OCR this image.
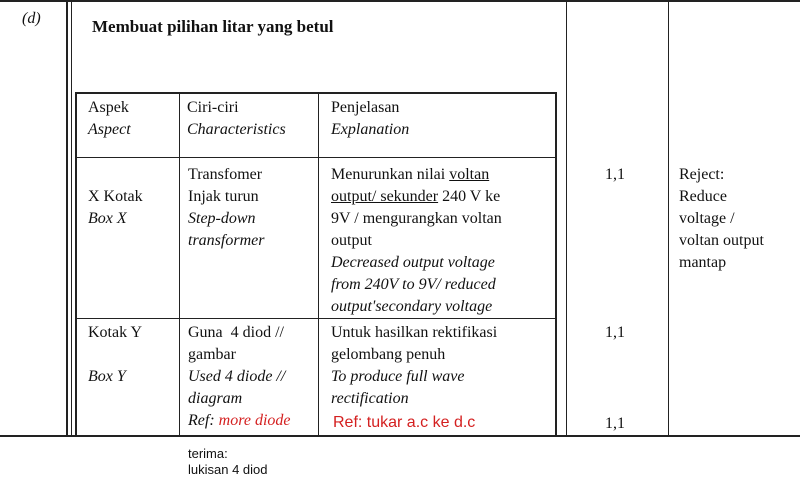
(d)	Membuat pilihan litar yang betul
Aspek
Aspect
Ciri-ciri
Characteristics
Penjelasan
Explanation
X Kotak
Box X
Transfomer
Injak turun
Step-down
transformer
Menurunkan nilai voltan
output/ sekunder 240 V ke
9V / mengurangkan voltan
output
Decreased output voltage
from 240V to 9V/ reduced
output'secondary voltage
Kotak Y
Box Y
Guna  4 diod //
gambar
Used 4 diode //
diagram
Ref: more diode
Untuk hasilkan rektifikasi
gelombang penuh
To produce full wave
rectification
Ref: tukar a.c ke d.c
1,1
1,1
1,1
Reject:
Reduce
voltage /
voltan output
mantap
terima:
lukisan 4 diod
